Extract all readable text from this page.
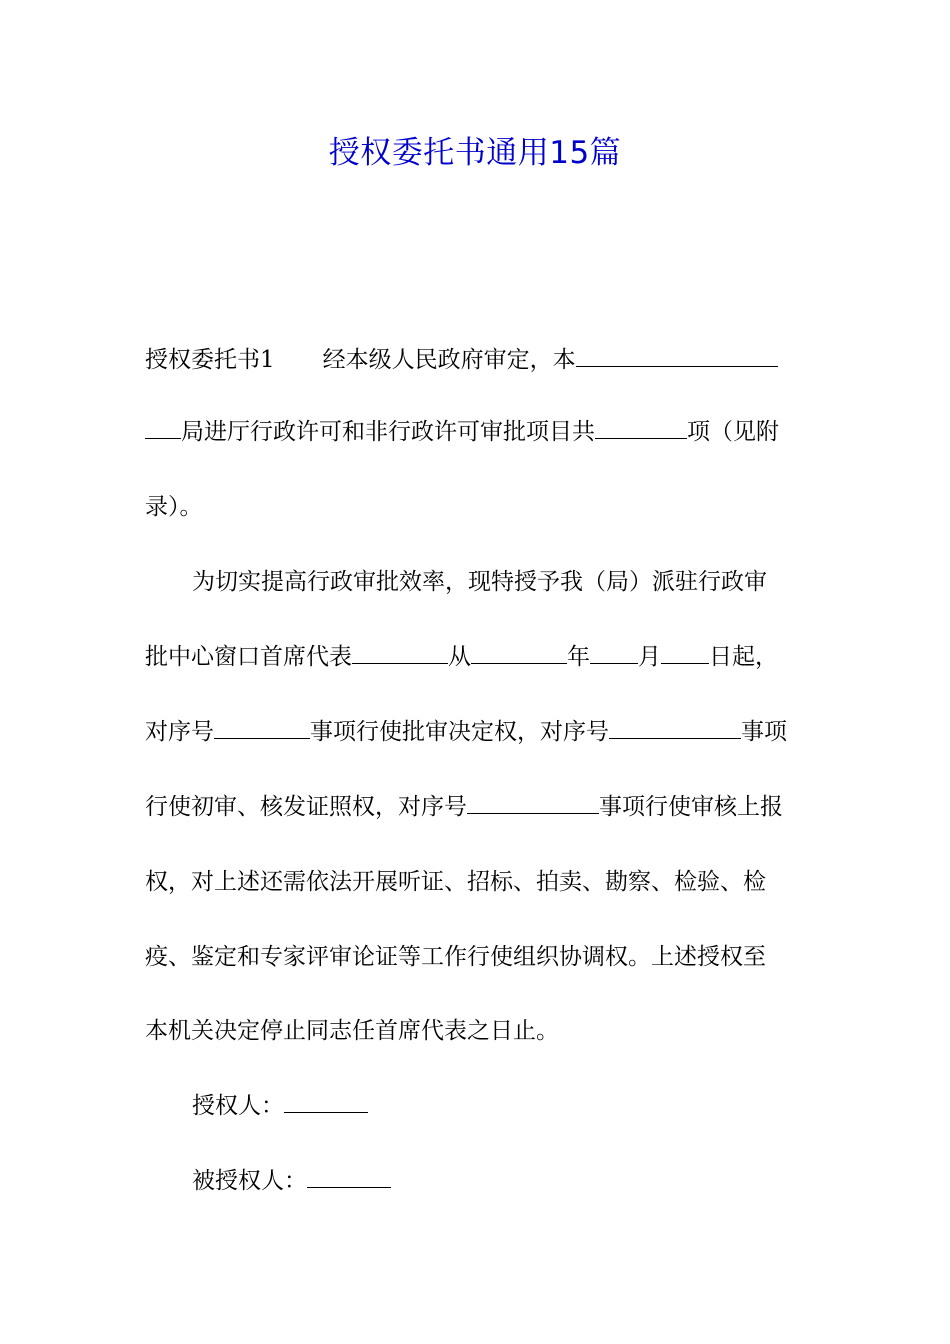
授权委托书通用15篇
授权委托书1 经本级人民政府审定，本
局进厅行政许可和非行政许可审批项目共	项（见附
录）。
为切实提高行政审批效率，现特授予我（局）派驻行政审
批中心窗口首席代表	从	年 月 日起，
对序号	事项行使批审决定权，对序号	事项
行使初审、核发证照权，对序号	事项行使审核上报
权，对上述还需依法开展听证、招标、拍卖、勘察、检验、检
疫、鉴定和专家评审论证等工作行使组织协调权。上述授权至
本机关决定停止同志任首席代表之日止。
授权人：
被授权人：
